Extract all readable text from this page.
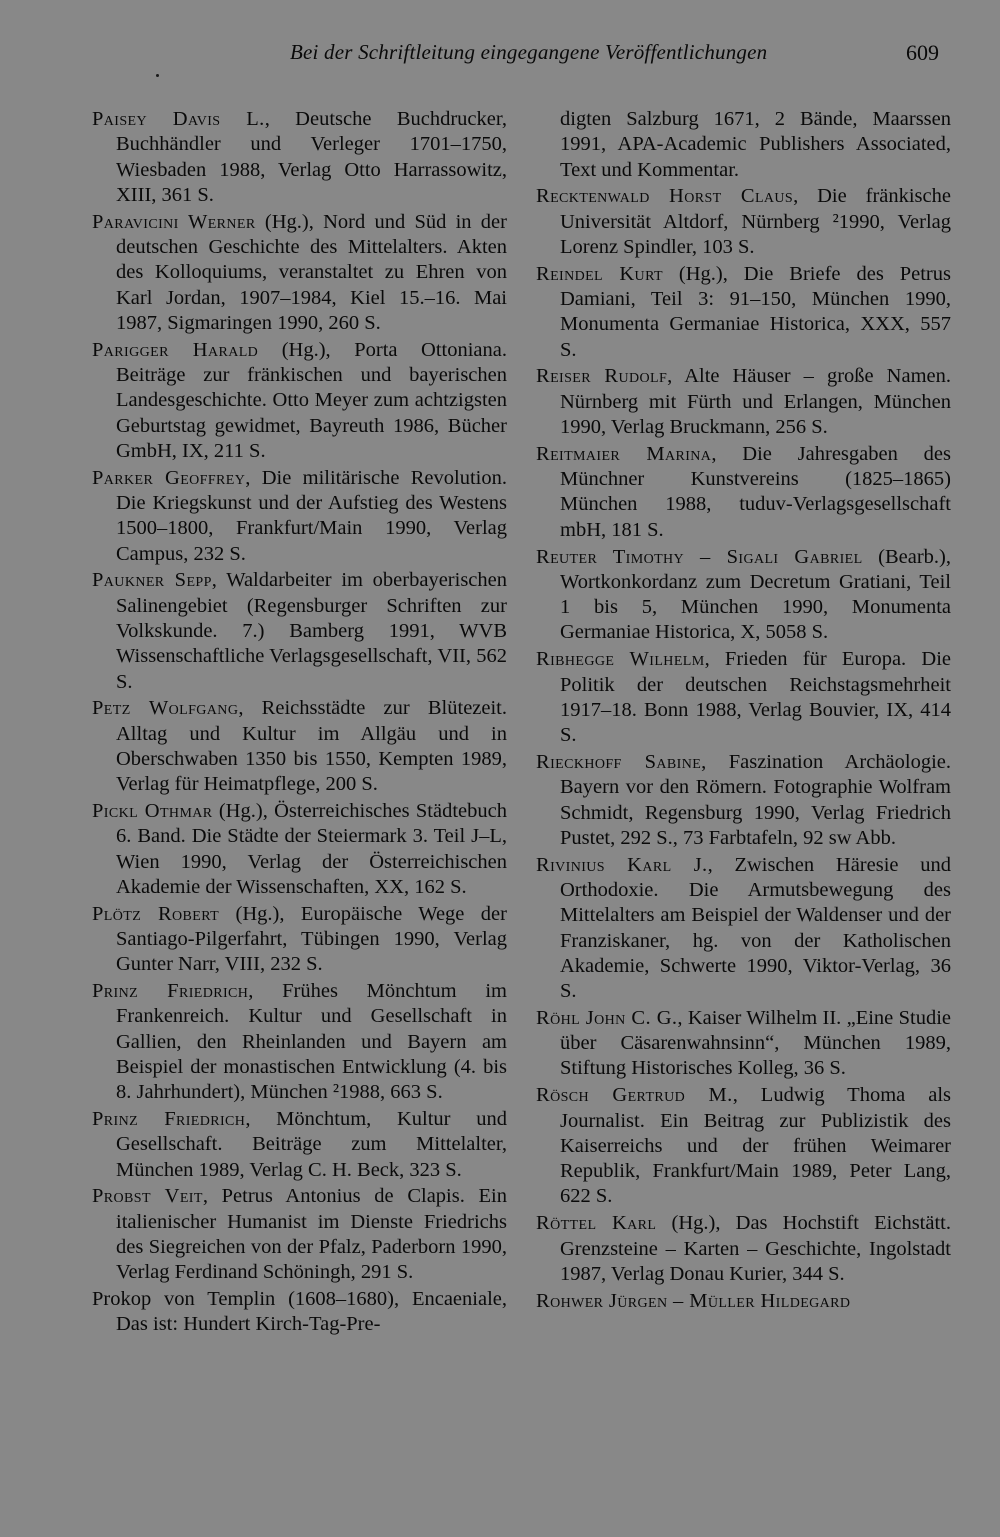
Bei der Schriftleitung eingegangene Veröffentlichungen	609

Paisey Davis L., Deutsche Buchdrucker, Buchhändler und Verleger 1701–1750, Wiesbaden 1988, Verlag Otto Harrassowitz, XIII, 361 S.

Paravicini Werner (Hg.), Nord und Süd in der deutschen Geschichte des Mittelalters. Akten des Kolloquiums, veranstaltet zu Ehren von Karl Jordan, 1907–1984, Kiel 15.–16. Mai 1987, Sigmaringen 1990, 260 S.

Parigger Harald (Hg.), Porta Ottoniana. Beiträge zur fränkischen und bayerischen Landesgeschichte. Otto Meyer zum achtzigsten Geburtstag gewidmet, Bayreuth 1986, Bücher GmbH, IX, 211 S.

Parker Geoffrey, Die militärische Revolution. Die Kriegskunst und der Aufstieg des Westens 1500–1800, Frankfurt/Main 1990, Verlag Campus, 232 S.

Paukner Sepp, Waldarbeiter im oberbayerischen Salinengebiet (Regensburger Schriften zur Volkskunde. 7.) Bamberg 1991, WVB Wissenschaftliche Verlagsgesellschaft, VII, 562 S.

Petz Wolfgang, Reichsstädte zur Blütezeit. Alltag und Kultur im Allgäu und in Oberschwaben 1350 bis 1550, Kempten 1989, Verlag für Heimatpflege, 200 S.

Pickl Othmar (Hg.), Österreichisches Städtebuch 6. Band. Die Städte der Steiermark 3. Teil J–L, Wien 1990, Verlag der Österreichischen Akademie der Wissenschaften, XX, 162 S.

Plötz Robert (Hg.), Europäische Wege der Santiago-Pilgerfahrt, Tübingen 1990, Verlag Gunter Narr, VIII, 232 S.

Prinz Friedrich, Frühes Mönchtum im Frankenreich. Kultur und Gesellschaft in Gallien, den Rheinlanden und Bayern am Beispiel der monastischen Entwicklung (4. bis 8. Jahrhundert), München ²1988, 663 S.

Prinz Friedrich, Mönchtum, Kultur und Gesellschaft. Beiträge zum Mittelalter, München 1989, Verlag C. H. Beck, 323 S.

Probst Veit, Petrus Antonius de Clapis. Ein italienischer Humanist im Dienste Friedrichs des Siegreichen von der Pfalz, Paderborn 1990, Verlag Ferdinand Schöningh, 291 S.

Prokop von Templin (1608–1680), Encaeniale, Das ist: Hundert Kirch-Tag-Pre-

digten Salzburg 1671, 2 Bände, Maarssen 1991, APA-Academic Publishers Associated, Text und Kommentar.

Recktenwald Horst Claus, Die fränkische Universität Altdorf, Nürnberg ²1990, Verlag Lorenz Spindler, 103 S.

Reindel Kurt (Hg.), Die Briefe des Petrus Damiani, Teil 3: 91–150, München 1990, Monumenta Germaniae Historica, XXX, 557 S.

Reiser Rudolf, Alte Häuser – große Namen. Nürnberg mit Fürth und Erlangen, München 1990, Verlag Bruckmann, 256 S.

Reitmaier Marina, Die Jahresgaben des Münchner Kunstvereins (1825–1865) München 1988, tuduv-Verlagsgesellschaft mbH, 181 S.

Reuter Timothy – Sigali Gabriel (Bearb.), Wortkonkordanz zum Decretum Gratiani, Teil 1 bis 5, München 1990, Monumenta Germaniae Historica, X, 5058 S.

Ribhegge Wilhelm, Frieden für Europa. Die Politik der deutschen Reichstagsmehrheit 1917–18. Bonn 1988, Verlag Bouvier, IX, 414 S.

Rieckhoff Sabine, Faszination Archäologie. Bayern vor den Römern. Fotographie Wolfram Schmidt, Regensburg 1990, Verlag Friedrich Pustet, 292 S., 73 Farbtafeln, 92 sw Abb.

Rivinius Karl J., Zwischen Häresie und Orthodoxie. Die Armutsbewegung des Mittelalters am Beispiel der Waldenser und der Franziskaner, hg. von der Katholischen Akademie, Schwerte 1990, Viktor-Verlag, 36 S.

Röhl John C. G., Kaiser Wilhelm II. „Eine Studie über Cäsarenwahnsinn“, München 1989, Stiftung Historisches Kolleg, 36 S.

Rösch Gertrud M., Ludwig Thoma als Journalist. Ein Beitrag zur Publizistik des Kaiserreichs und der frühen Weimarer Republik, Frankfurt/Main 1989, Peter Lang, 622 S.

Röttel Karl (Hg.), Das Hochstift Eichstätt. Grenzsteine – Karten – Geschichte, Ingolstadt 1987, Verlag Donau Kurier, 344 S.

Rohwer Jürgen – Müller Hildegard
